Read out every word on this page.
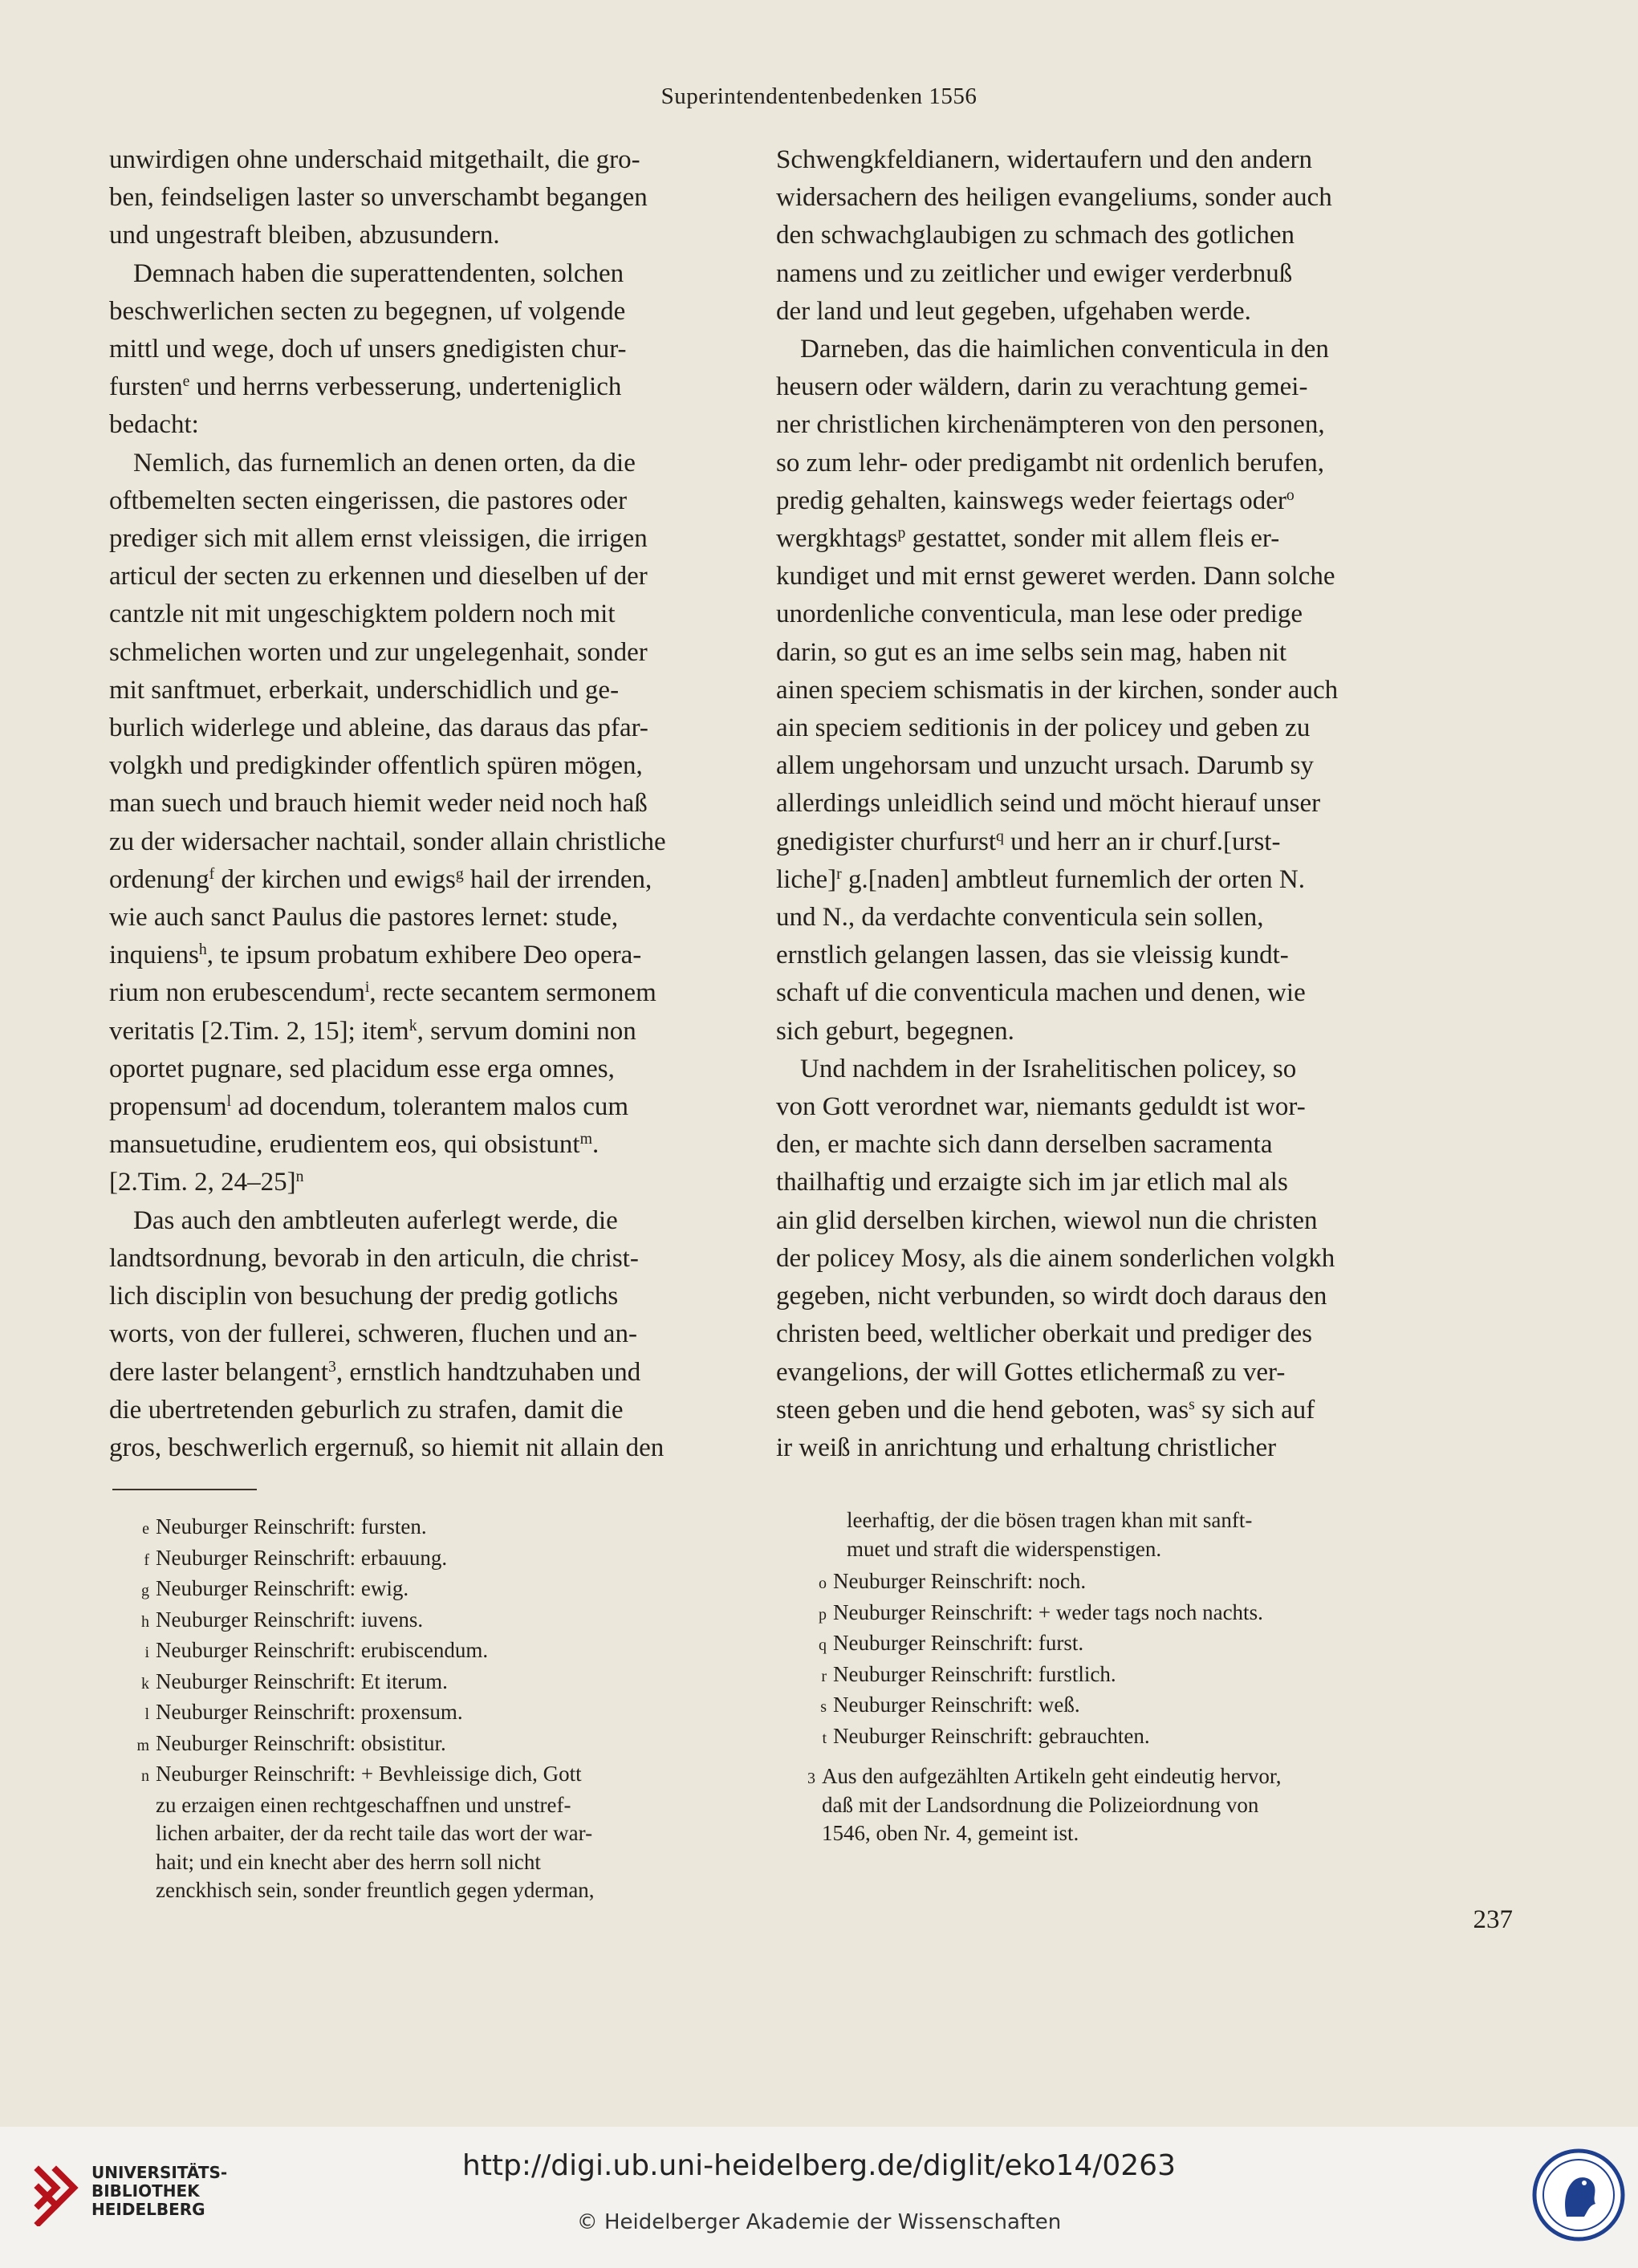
Superintendentenbedenken 1556

unwirdigen ohne underschaid mitgethailt, die gro-
ben, feindseligen laster so unverschambt begangen
und ungestraft bleiben, abzusundern.

Demnach haben die superattendenten, solchen
beschwerlichen secten zu begegnen, uf volgende
mittl und wege, doch uf unsers gnedigisten chur-
fursten$^e$ und herrns verbesserung, underteniglich
bedacht:

Nemlich, das furnemlich an denen orten, da die
oftbemelten secten eingerissen, die pastores oder
prediger sich mit allem ernst vleissigen, die irrigen
articul der secten zu erkennen und dieselben uf der
cantzle nit mit ungeschigktem poldern noch mit
schmelichen worten und zur ungelegenhait, sonder
mit sanftmuet, erberkait, underschidlich und ge-
burlich widerlege und ableine, das daraus das pfar-
volgkh und predigkinder offentlich spüren mögen,
man suech und brauch hiemit weder neid noch haß
zu der widersacher nachtail, sonder allain christliche
ordenung$^f$ der kirchen und ewigs$^g$ hail der irrenden,
wie auch sanct Paulus die pastores lernet: stude,
inquiens$^h$, te ipsum probatum exhibere Deo opera-
rium non erubescendum$^i$, recte secantem sermonem
veritatis [2.Tim. 2, 15]; item$^k$, servum domini non
oportet pugnare, sed placidum esse erga omnes,
propensum$^l$ ad docendum, tolerantem malos cum
mansuetudine, erudientem eos, qui obsistunt$^m$.
[2.Tim. 2, 24–25]$^n$

Das auch den ambtleuten auferlegt werde, die
landtsordnung, bevorab in den articuln, die christ-
lich disciplin von besuchung der predig gotlichs
worts, von der fullerei, schweren, fluchen und an-
dere laster belangent$^3$, ernstlich handtzuhaben und
die ubertretenden geburlich zu strafen, damit die
gros, beschwerlich ergernuß, so hiemit nit allain den

Schwengkfeldianern, widertaufern und den andern
widersachern des heiligen evangeliums, sonder auch
den schwachglaubigen zu schmach des gotlichen
namens und zu zeitlicher und ewiger verderbnuß
der land und leut gegeben, ufgehaben werde.

Darneben, das die haimlichen conventicula in den
heusern oder wäldern, darin zu verachtung gemei-
ner christlichen kirchenämpteren von den personen,
so zum lehr- oder predigambt nit ordenlich berufen,
predig gehalten, kainswegs weder feiertags oder$^o$
wergkhtags$^p$ gestattet, sonder mit allem fleis er-
kundiget und mit ernst geweret werden. Dann solche
unordenliche conventicula, man lese oder predige
darin, so gut es an ime selbs sein mag, haben nit
ainen speciem schismatis in der kirchen, sonder auch
ain speciem seditionis in der policey und geben zu
allem ungehorsam und unzucht ursach. Darumb sy
allerdings unleidlich seind und möcht hierauf unser
gnedigister churfurst$^q$ und herr an ir churf.[urst-
liche]$^r$ g.[naden] ambtleut furnemlich der orten N.
und N., da verdachte conventicula sein sollen,
ernstlich gelangen lassen, das sie vleissig kundt-
schaft uf die conventicula machen und denen, wie
sich geburt, begegnen.

Und nachdem in der Israhelitischen policey, so
von Gott verordnet war, niemants geduldt ist wor-
den, er machte sich dann derselben sacramenta
thailhaftig und erzaigte sich im jar etlich mal als
ain glid derselben kirchen, wiewol nun die christen
der policey Mosy, als die ainem sonderlichen volgkh
gegeben, nicht verbunden, so wirdt doch daraus den
christen beed, weltlicher oberkait und prediger des
evangelions, der will Gottes etlichermaß zu ver-
steen geben und die hend geboten, was$^s$ sy sich auf
ir weiß in anrichtung und erhaltung christlicher

e Neuburger Reinschrift: fursten.
f Neuburger Reinschrift: erbauung.
g Neuburger Reinschrift: ewig.
h Neuburger Reinschrift: iuvens.
i Neuburger Reinschrift: erubiscendum.
k Neuburger Reinschrift: Et iterum.
l Neuburger Reinschrift: proxensum.
m Neuburger Reinschrift: obsistitur.
n Neuburger Reinschrift: + Bevhleissige dich, Gott
zu erzaigen einen rechtgeschaffnen und unstref-
lichen arbaiter, der da recht taile das wort der war-
hait; und ein knecht aber des herrn soll nicht
zenckhisch sein, sonder freuntlich gegen yderman,
leerhaftig, der die bösen tragen khan mit sanft-
muet und straft die widerspenstigen.
o Neuburger Reinschrift: noch.
p Neuburger Reinschrift: + weder tags noch nachts.
q Neuburger Reinschrift: furst.
r Neuburger Reinschrift: furstlich.
s Neuburger Reinschrift: weß.
t Neuburger Reinschrift: gebrauchten.
3 Aus den aufgezählten Artikeln geht eindeutig hervor,
daß mit der Landsordnung die Polizeiordnung von
1546, oben Nr. 4, gemeint ist.
237
UNIVERSITÄTS-
BIBLIOTHEK
HEIDELBERG
http://digi.ub.uni-heidelberg.de/diglit/eko14/0263
© Heidelberger Akademie der Wissenschaften
